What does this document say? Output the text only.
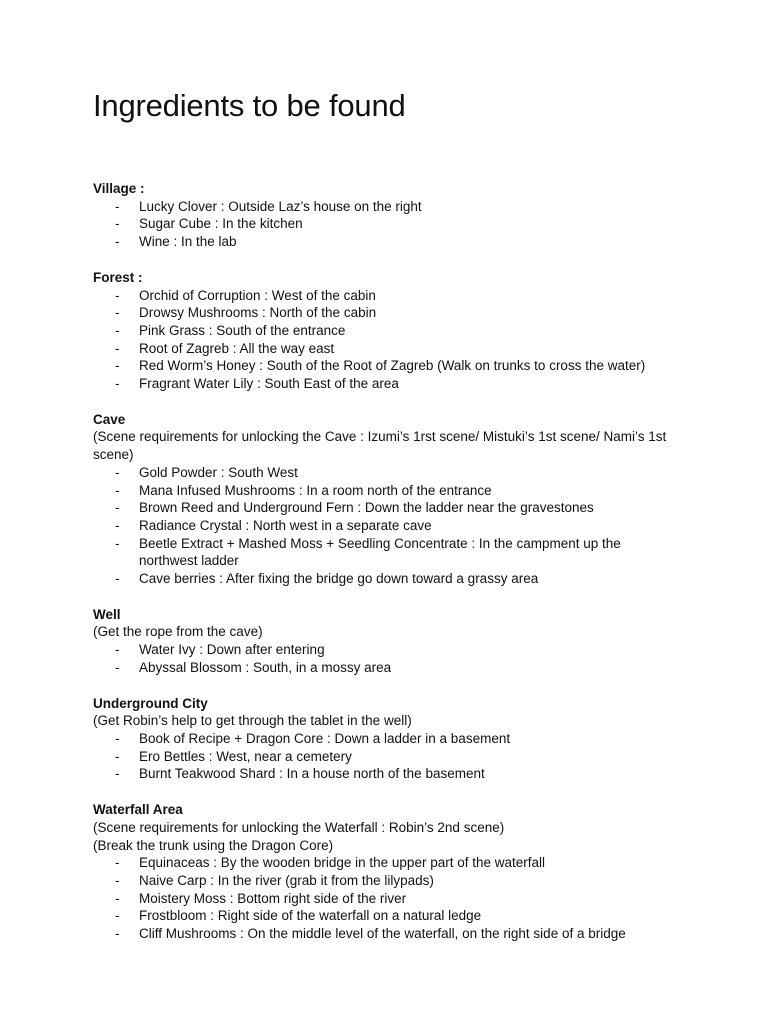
Ingredients to be found

Village :

- Lucky Clover : Outside Laz’s house on the right
- Sugar Cube : In the kitchen
- Wine : In the lab

Forest :

- Orchid of Corruption : West of the cabin
- Drowsy Mushrooms : North of the cabin
- Pink Grass : South of the entrance
- Root of Zagreb : All the way east
- Red Worm’s Honey : South of the Root of Zagreb (Walk on trunks to cross the water)
- Fragrant Water Lily : South East of the area

Cave

(Scene requirements for unlocking the Cave : Izumi’s 1rst scene/ Mistuki’s 1st scene/ Nami’s 1st scene)

- Gold Powder : South West
- Mana Infused Mushrooms : In a room north of the entrance
- Brown Reed and Underground Fern : Down the ladder near the gravestones
- Radiance Crystal : North west in a separate cave
- Beetle Extract + Mashed Moss + Seedling Concentrate : In the campment up the northwest ladder
- Cave berries : After fixing the bridge go down toward a grassy area

Well

(Get the rope from the cave)

- Water Ivy : Down after entering
- Abyssal Blossom : South, in a mossy area

Underground City

(Get Robin’s help to get through the tablet in the well)

- Book of Recipe + Dragon Core : Down a ladder in a basement
- Ero Bettles : West, near a cemetery
- Burnt Teakwood Shard : In a house north of the basement

Waterfall Area

(Scene requirements for unlocking the Waterfall : Robin’s 2nd scene)

(Break the trunk using the Dragon Core)

- Equinaceas : By the wooden bridge in the upper part of the waterfall
- Naive Carp : In the river (grab it from the lilypads)
- Moistery Moss : Bottom right side of the river
- Frostbloom : Right side of the waterfall on a natural ledge
- Cliff Mushrooms : On the middle level of the waterfall, on the right side of a bridge
